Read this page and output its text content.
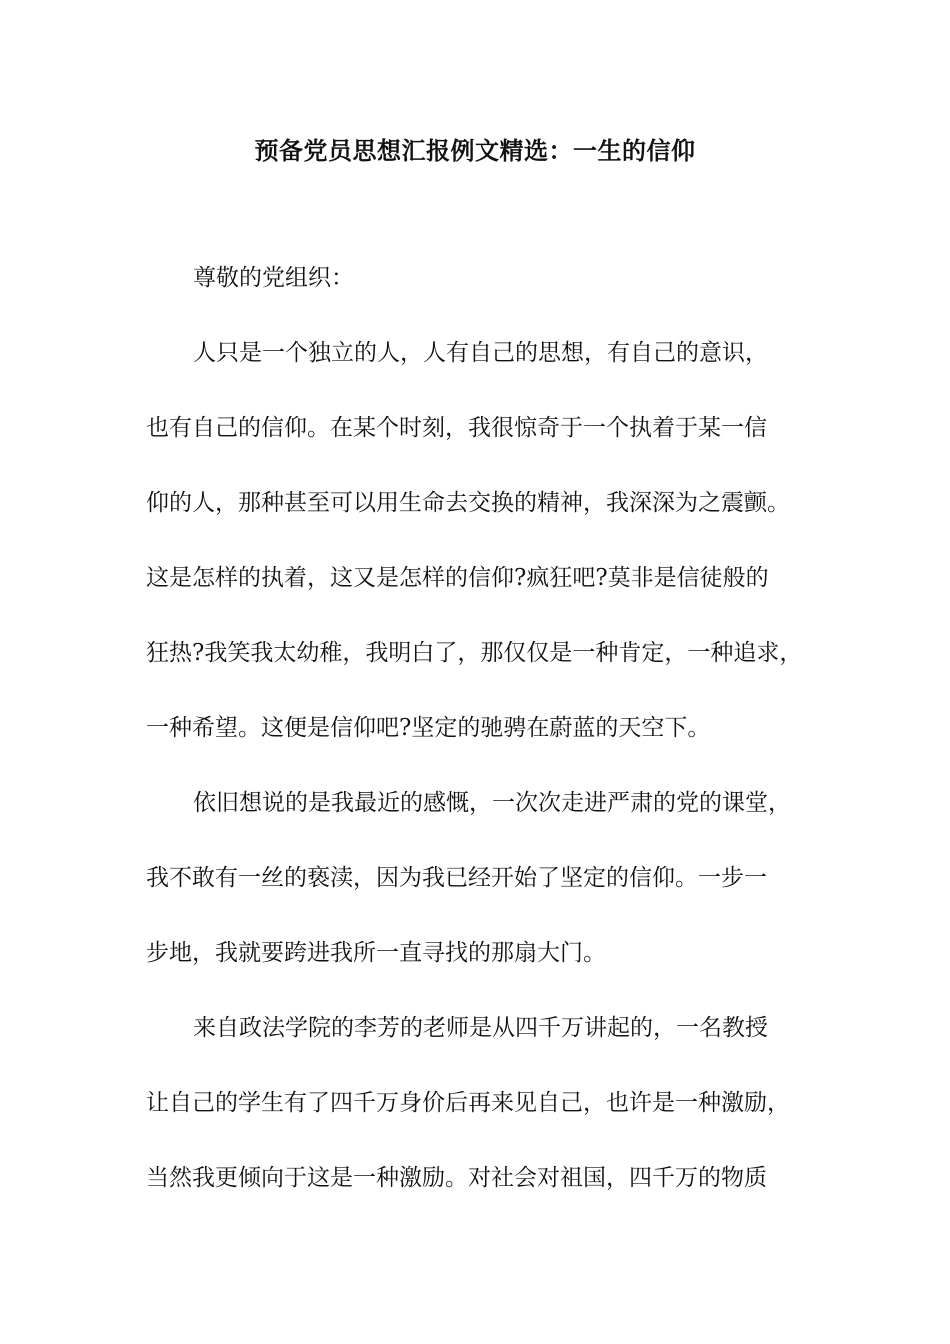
预备党员思想汇报例文精选：一生的信仰

尊敬的党组织：

人只是一个独立的人，人有自己的思想，有自己的意识，

也有自己的信仰。在某个时刻，我很惊奇于一个执着于某一信

仰的人，那种甚至可以用生命去交换的精神，我深深为之震颤。

这是怎样的执着，这又是怎样的信仰?疯狂吧?莫非是信徒般的

狂热?我笑我太幼稚，我明白了，那仅仅是一种肯定，一种追求，

一种希望。这便是信仰吧?坚定的驰骋在蔚蓝的天空下。

依旧想说的是我最近的感慨，一次次走进严肃的党的课堂，

我不敢有一丝的亵渎，因为我已经开始了坚定的信仰。一步一

步地，我就要跨进我所一直寻找的那扇大门。

来自政法学院的李芳的老师是从四千万讲起的，一名教授

让自己的学生有了四千万身价后再来见自己，也许是一种激励，

当然我更倾向于这是一种激励。对社会对祖国，四千万的物质
